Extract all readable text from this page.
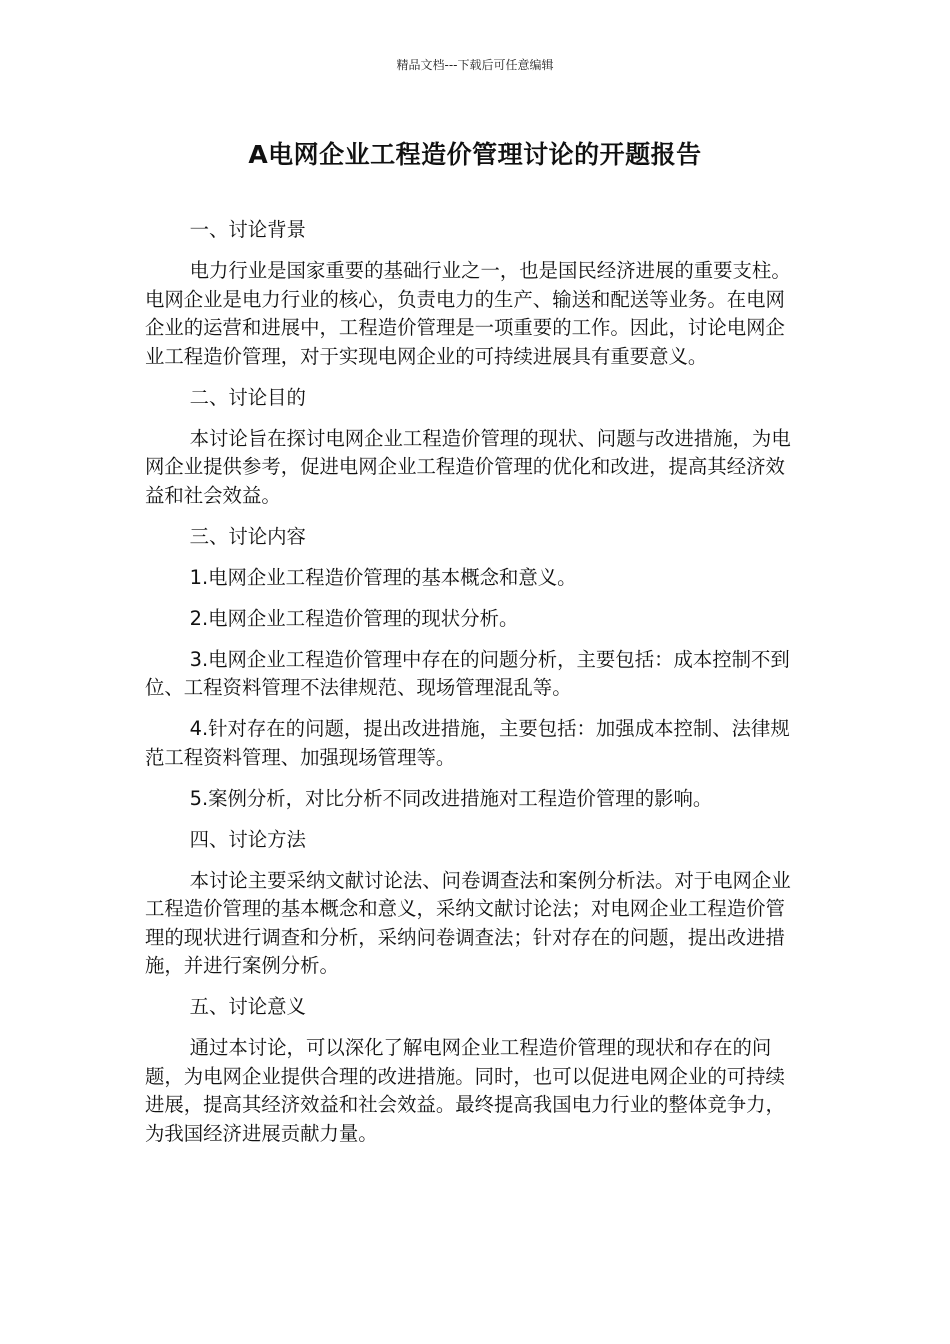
精品文档---下载后可任意编辑
A电网企业工程造价管理讨论的开题报告

一、讨论背景

电力行业是国家重要的基础行业之一，也是国民经济进展的重要支柱。电网企业是电力行业的核心，负责电力的生产、输送和配送等业务。在电网企业的运营和进展中，工程造价管理是一项重要的工作。因此，讨论电网企业工程造价管理，对于实现电网企业的可持续进展具有重要意义。

二、讨论目的

本讨论旨在探讨电网企业工程造价管理的现状、问题与改进措施，为电网企业提供参考，促进电网企业工程造价管理的优化和改进，提高其经济效益和社会效益。

三、讨论内容

1.电网企业工程造价管理的基本概念和意义。

2.电网企业工程造价管理的现状分析。

3.电网企业工程造价管理中存在的问题分析，主要包括：成本控制不到位、工程资料管理不法律规范、现场管理混乱等。

4.针对存在的问题，提出改进措施，主要包括：加强成本控制、法律规范工程资料管理、加强现场管理等。

5.案例分析，对比分析不同改进措施对工程造价管理的影响。

四、讨论方法

本讨论主要采纳文献讨论法、问卷调查法和案例分析法。对于电网企业工程造价管理的基本概念和意义，采纳文献讨论法；对电网企业工程造价管理的现状进行调查和分析，采纳问卷调查法；针对存在的问题，提出改进措施，并进行案例分析。

五、讨论意义

通过本讨论，可以深化了解电网企业工程造价管理的现状和存在的问题，为电网企业提供合理的改进措施。同时，也可以促进电网企业的可持续进展，提高其经济效益和社会效益。最终提高我国电力行业的整体竞争力，为我国经济进展贡献力量。
